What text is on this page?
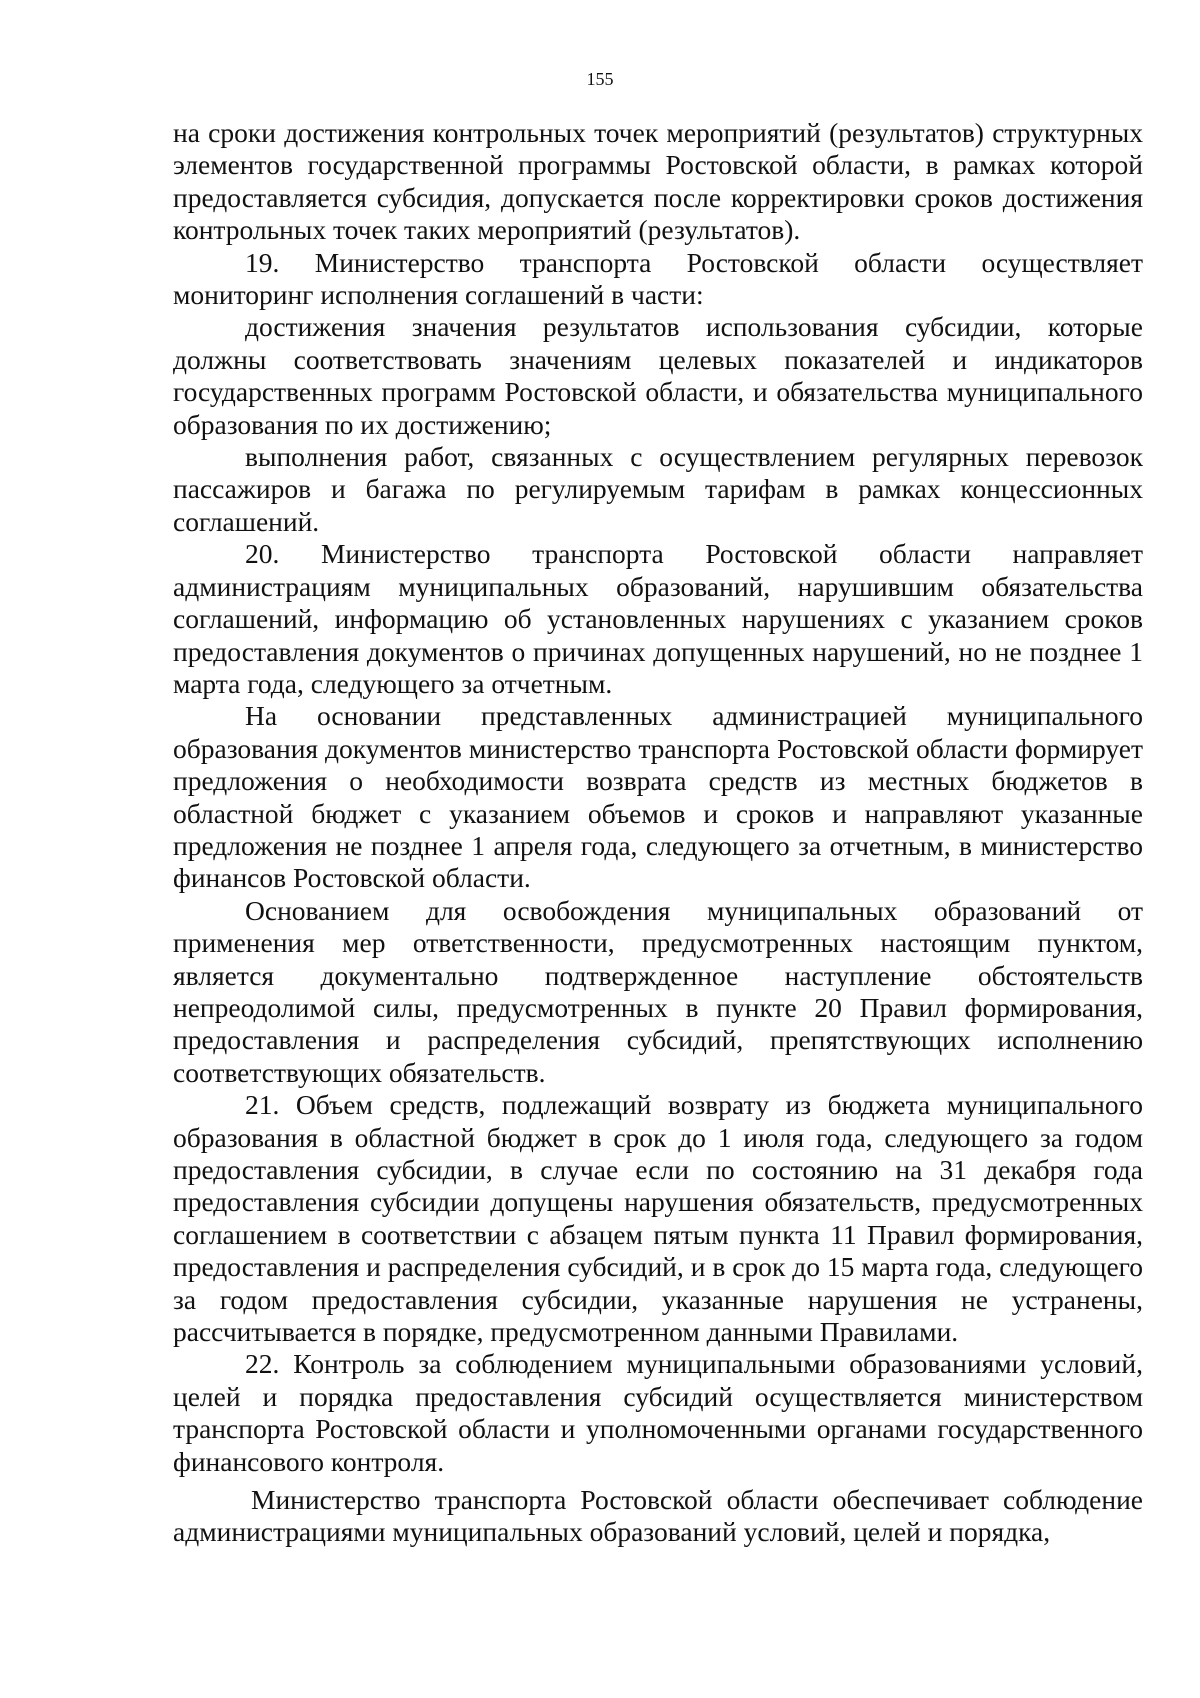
155

на сроки достижения контрольных точек мероприятий (результатов) структурных элементов государственной программы Ростовской области, в рамках которой предоставляется субсидия, допускается после корректировки сроков достижения контрольных точек таких мероприятий (результатов).

19. Министерство транспорта Ростовской области осуществляет мониторинг исполнения соглашений в части:

достижения значения результатов использования субсидии, которые должны соответствовать значениям целевых показателей и индикаторов государственных программ Ростовской области, и обязательства муниципального образования по их достижению;

выполнения работ, связанных с осуществлением регулярных перевозок пассажиров и багажа по регулируемым тарифам в рамках концессионных соглашений.

20. Министерство транспорта Ростовской области направляет администрациям муниципальных образований, нарушившим обязательства соглашений, информацию об установленных нарушениях с указанием сроков предоставления документов о причинах допущенных нарушений, но не позднее 1 марта года, следующего за отчетным.

На основании представленных администрацией муниципального образования документов министерство транспорта Ростовской области формирует предложения о необходимости возврата средств из местных бюджетов в областной бюджет с указанием объемов и сроков и направляют указанные предложения не позднее 1 апреля года, следующего за отчетным, в министерство финансов Ростовской области.

Основанием для освобождения муниципальных образований от применения мер ответственности, предусмотренных настоящим пунктом, является документально подтвержденное наступление обстоятельств непреодолимой силы, предусмотренных в пункте 20 Правил формирования, предоставления и распределения субсидий, препятствующих исполнению соответствующих обязательств.

21. Объем средств, подлежащий возврату из бюджета муниципального образования в областной бюджет в срок до 1 июля года, следующего за годом предоставления субсидии, в случае если по состоянию на 31 декабря года предоставления субсидии допущены нарушения обязательств, предусмотренных соглашением в соответствии с абзацем пятым пункта 11 Правил формирования, предоставления и распределения субсидий, и в срок до 15 марта года, следующего за годом предоставления субсидии, указанные нарушения не устранены, рассчитывается в порядке, предусмотренном данными Правилами.

22. Контроль за соблюдением муниципальными образованиями условий, целей и порядка предоставления субсидий осуществляется министерством транспорта Ростовской области и уполномоченными органами государственного финансового контроля.

Министерство транспорта Ростовской области обеспечивает соблюдение администрациями муниципальных образований условий, целей и порядка,
